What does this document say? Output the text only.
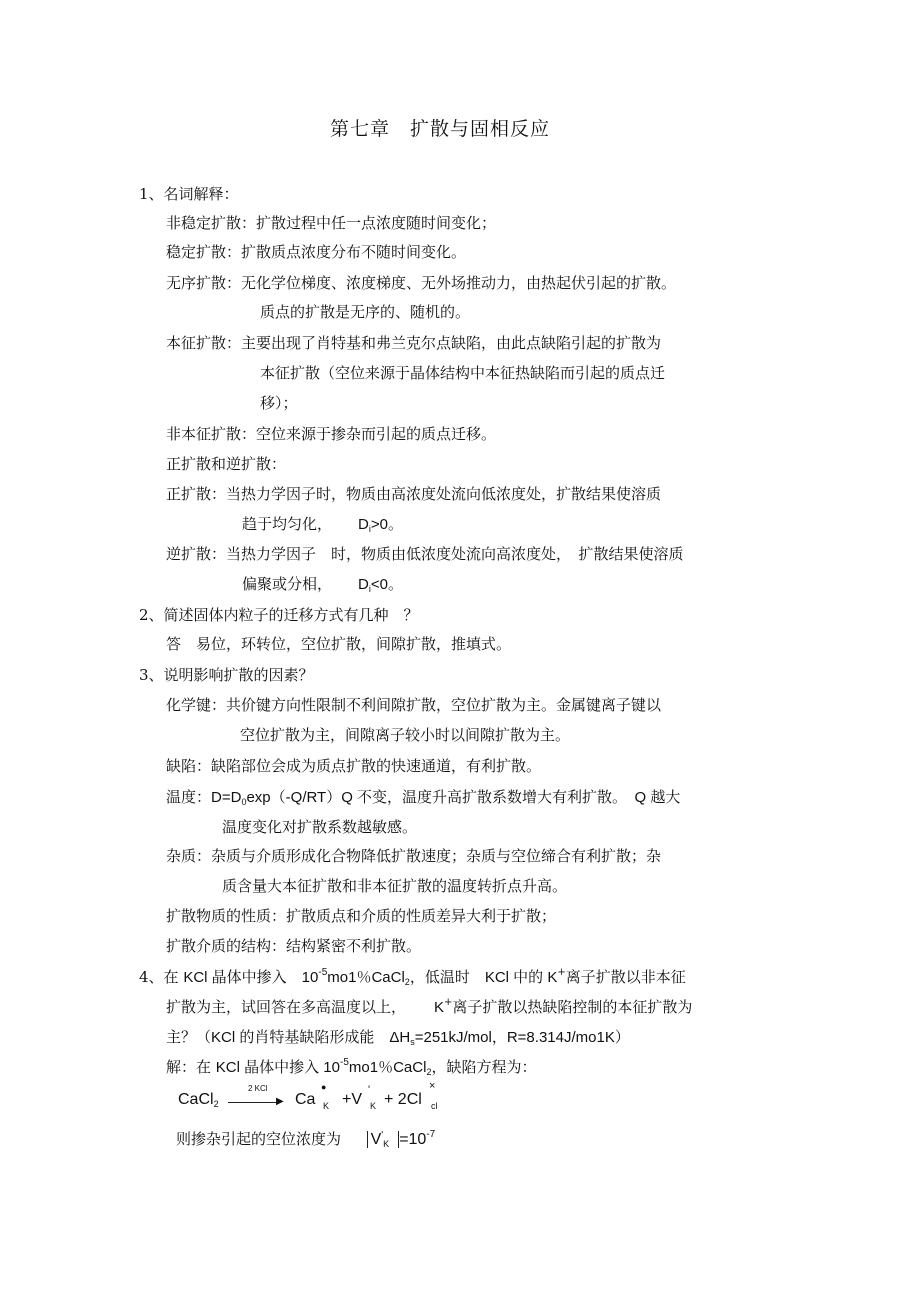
第七章　扩散与固相反应
1、名词解释：
非稳定扩散：扩散过程中任一点浓度随时间变化；
稳定扩散：扩散质点浓度分布不随时间变化。
无序扩散：无化学位梯度、浓度梯度、无外场推动力，由热起伏引起的扩散。
质点的扩散是无序的、随机的。
本征扩散：主要出现了肖特基和弗兰克尔点缺陷，由此点缺陷引起的扩散为
本征扩散（空位来源于晶体结构中本征热缺陷而引起的质点迁
移）；
非本征扩散：空位来源于掺杂而引起的质点迁移。
正扩散和逆扩散：
正扩散：当热力学因子时，物质由高浓度处流向低浓度处，扩散结果使溶质
趋于均匀化， $D_i>0$。
逆扩散：当热力学因子　时，物质由低浓度处流向高浓度处，　扩散结果使溶质
偏聚或分相， $D_i<0$。
2、简述固体内粒子的迁移方式有几种　？
答　易位，环转位，空位扩散，间隙扩散，推填式。
3、说明影响扩散的因素？
化学键：共价键方向性限制不利间隙扩散，空位扩散为主。金属键离子键以
空位扩散为主，间隙离子较小时以间隙扩散为主。
缺陷：缺陷部位会成为质点扩散的快速通道，有利扩散。
温度：$D=D_0\exp(-Q/RT)Q$ 不变，温度升高扩散系数增大有利扩散。　Q 越大
温度变化对扩散系数越敏感。
杂质：杂质与介质形成化合物降低扩散速度；杂质与空位缔合有利扩散；杂
质含量大本征扩散和非本征扩散的温度转折点升高。
扩散物质的性质：扩散质点和介质的性质差异大利于扩散；
扩散介质的结构：结构紧密不利扩散。
4、在 KCl 晶体中掺入　$10^{-5}mo1$％CaCl$_2$，低温时　KCl 中的 K+离子扩散以非本征
扩散为主，试回答在多高温度以上， K+离子扩散以热缺陷控制的本征扩散为
主？（KCl 的肖特基缺陷形成能　$\Delta H_s=251kJ$/mol，R=8.314J/mo1K）
解：在 KCl 晶体中掺入 $10^{-5}mo1$％CaCl$_2$，缺陷方程为：
CaCl$_2$
2 KCl
▶ Ca
●
K +V
'
K + 2Cl
×
cl
则掺杂引起的空位浓度为 $V'_K =10^{-7}$
